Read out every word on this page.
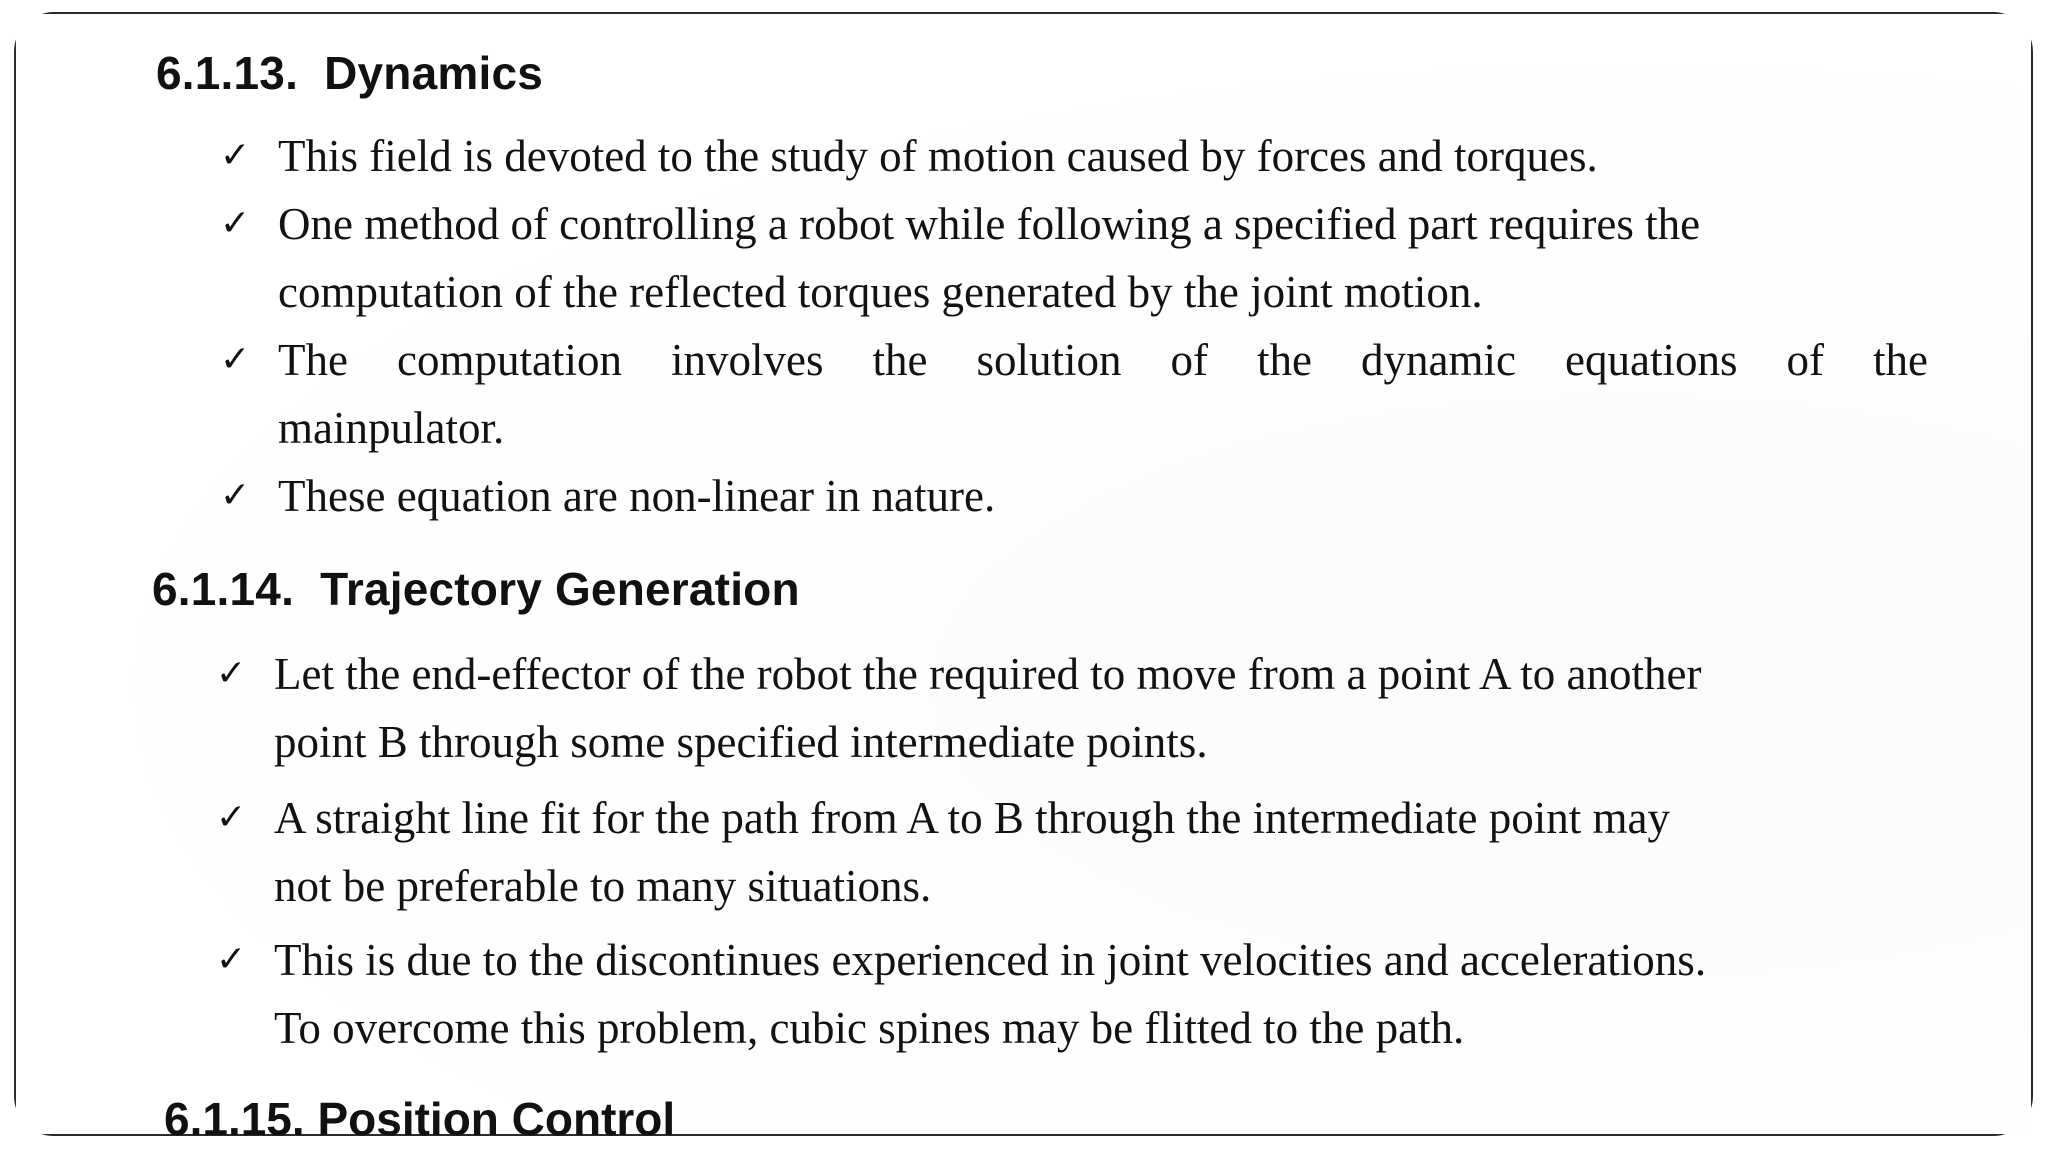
6.1.13. Dynamics
✓ This field is devoted to the study of motion caused by forces and torques.
✓ One method of controlling a robot while following a specified part requires the
computation of the reflected torques generated by the joint motion.
✓ The computation involves the solution of the dynamic equations of the
mainpulator.
✓ These equation are non-linear in nature.
6.1.14. Trajectory Generation
✓ Let the end-effector of the robot the required to move from a point A to another
point B through some specified intermediate points.
✓ A straight line fit for the path from A to B through the intermediate point may
not be preferable to many situations.
✓ This is due to the discontinues experienced in joint velocities and accelerations.
To overcome this problem, cubic spines may be flitted to the path.
6.1.15. Position Control
